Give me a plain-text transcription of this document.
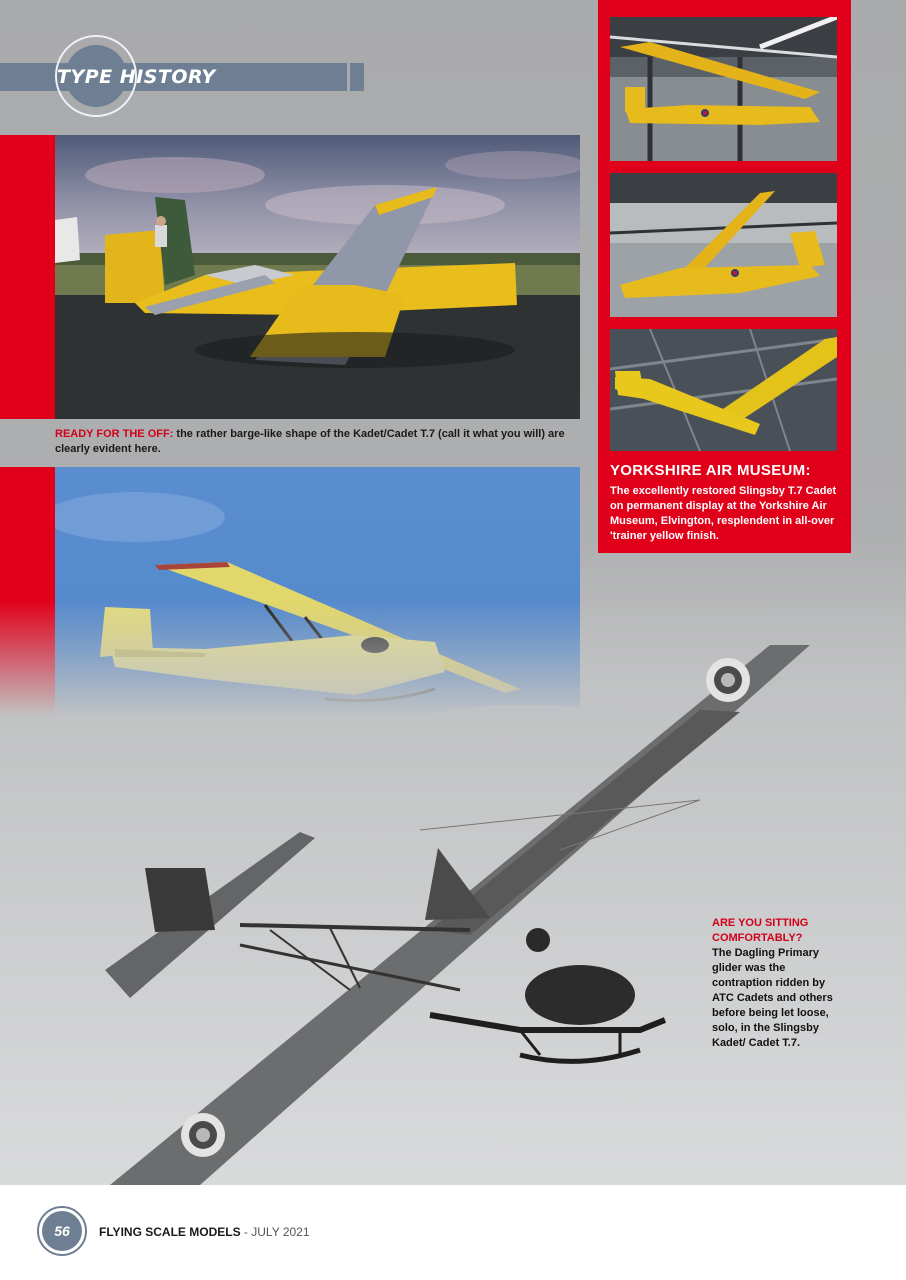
TYPE HISTORY
READY FOR THE OFF: the rather barge-like shape of the Kadet/Cadet T.7 (call it what you will) are clearly evident here.
YORKSHIRE AIR MUSEUM:
The excellently restored Slingsby T.7 Cadet on permanent display at the Yorkshire Air Museum, Elvington, resplendent in all-over 'trainer yellow finish.
ARE YOU SITTING COMFORTABLY?
The Dagling Primary glider was the contraption ridden by ATC Cadets and others before being let loose, solo, in the Slingsby Kadet/ Cadet T.7.
56	FLYING SCALE MODELS - JULY 2021
